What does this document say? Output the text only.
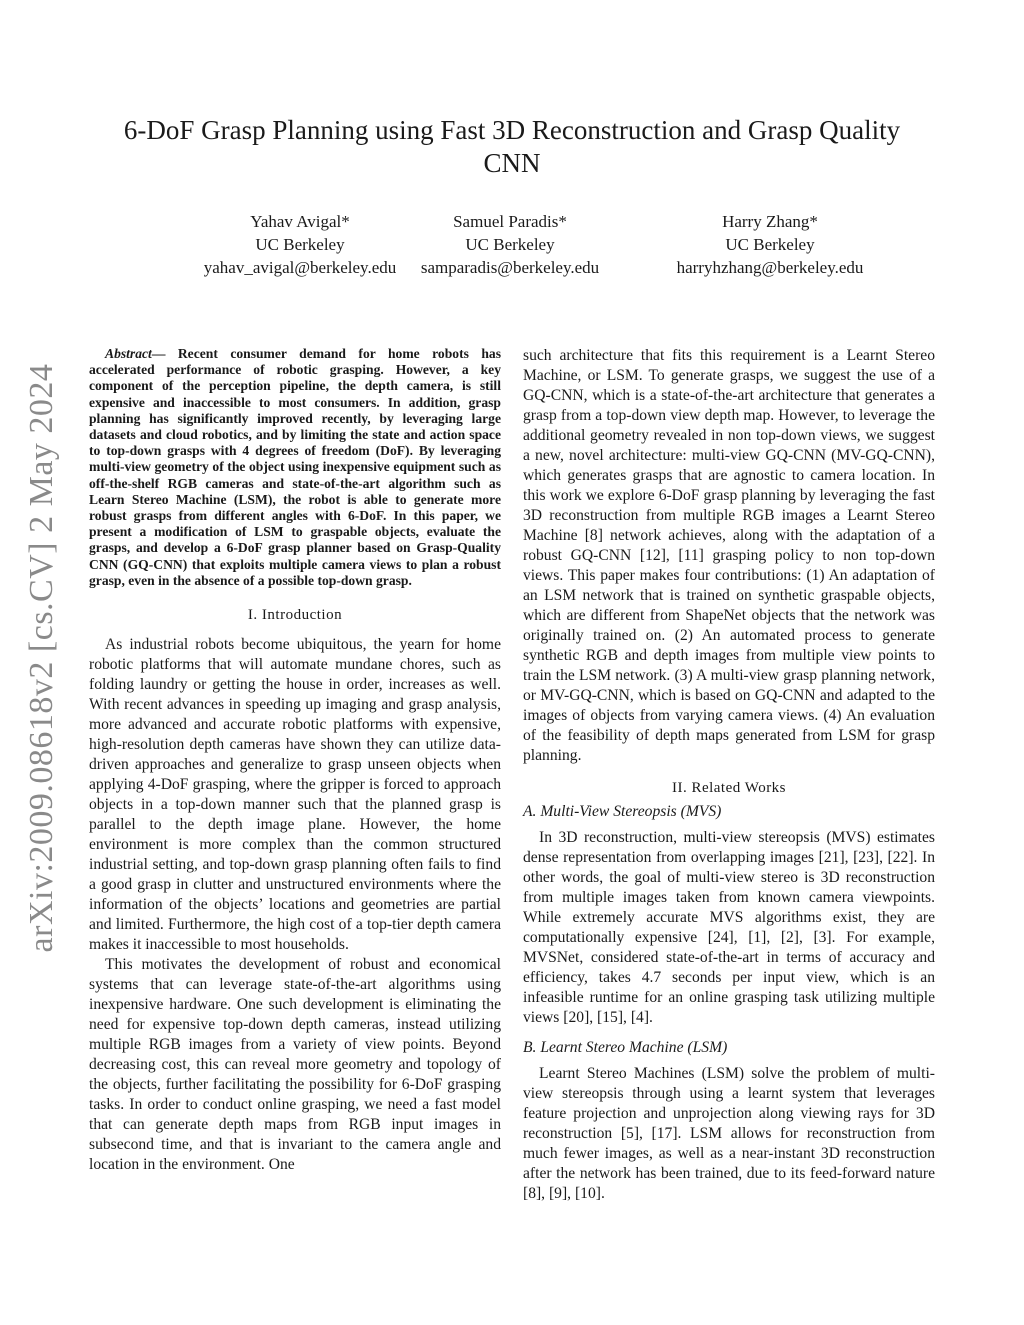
arXiv:2009.08618v2 [cs.CV] 2 May 2024
6-DoF Grasp Planning using Fast 3D Reconstruction and Grasp Quality CNN
Yahav Avigal*
UC Berkeley
yahav_avigal@berkeley.edu
Samuel Paradis*
UC Berkeley
samparadis@berkeley.edu
Harry Zhang*
UC Berkeley
harryhzhang@berkeley.edu

Abstract— Recent consumer demand for home robots has accelerated performance of robotic grasping. However, a key component of the perception pipeline, the depth camera, is still expensive and inaccessible to most consumers. In addition, grasp planning has significantly improved recently, by leveraging large datasets and cloud robotics, and by limiting the state and action space to top-down grasps with 4 degrees of freedom (DoF). By leveraging multi-view geometry of the object using inexpensive equipment such as off-the-shelf RGB cameras and state-of-the-art algorithm such as Learn Stereo Machine (LSM), the robot is able to generate more robust grasps from different angles with 6-DoF. In this paper, we present a modification of LSM to graspable objects, evaluate the grasps, and develop a 6-DoF grasp planner based on Grasp-Quality CNN (GQ-CNN) that exploits multiple camera views to plan a robust grasp, even in the absence of a possible top-down grasp.

I. Introduction

As industrial robots become ubiquitous, the yearn for home robotic platforms that will automate mundane chores, such as folding laundry or getting the house in order, increases as well. With recent advances in speeding up imaging and grasp analysis, more advanced and accurate robotic platforms with expensive, high-resolution depth cameras have shown they can utilize data-driven approaches and generalize to grasp unseen objects when applying 4-DoF grasping, where the gripper is forced to approach objects in a top-down manner such that the planned grasp is parallel to the depth image plane. However, the home environment is more complex than the common structured industrial setting, and top-down grasp planning often fails to find a good grasp in clutter and unstructured environments where the information of the objects’ locations and geometries are partial and limited. Furthermore, the high cost of a top-tier depth camera makes it inaccessible to most households.

This motivates the development of robust and economical systems that can leverage state-of-the-art algorithms using inexpensive hardware. One such development is eliminating the need for expensive top-down depth cameras, instead utilizing multiple RGB images from a variety of view points. Beyond decreasing cost, this can reveal more geometry and topology of the objects, further facilitating the possibility for 6-DoF grasping tasks. In order to conduct online grasping, we need a fast model that can generate depth maps from RGB input images in subsecond time, and that is invariant to the camera angle and location in the environment. One

such architecture that fits this requirement is a Learnt Stereo Machine, or LSM. To generate grasps, we suggest the use of a GQ-CNN, which is a state-of-the-art architecture that generates a grasp from a top-down view depth map. However, to leverage the additional geometry revealed in non top-down views, we suggest a new, novel architecture: multi-view GQ-CNN (MV-GQ-CNN), which generates grasps that are agnostic to camera location. In this work we explore 6-DoF grasp planning by leveraging the fast 3D reconstruction from multiple RGB images a Learnt Stereo Machine [8] network achieves, along with the adaptation of a robust GQ-CNN [12], [11] grasping policy to non top-down views. This paper makes four contributions: (1) An adaptation of an LSM network that is trained on synthetic graspable objects, which are different from ShapeNet objects that the network was originally trained on. (2) An automated process to generate synthetic RGB and depth images from multiple view points to train the LSM network. (3) A multi-view grasp planning network, or MV-GQ-CNN, which is based on GQ-CNN and adapted to the images of objects from varying camera views. (4) An evaluation of the feasibility of depth maps generated from LSM for grasp planning.

II. Related Works
A. Multi-View Stereopsis (MVS)

In 3D reconstruction, multi-view stereopsis (MVS) estimates dense representation from overlapping images [21], [23], [22]. In other words, the goal of multi-view stereo is 3D reconstruction from multiple images taken from known camera viewpoints. While extremely accurate MVS algorithms exist, they are computationally expensive [24], [1], [2], [3]. For example, MVSNet, considered state-of-the-art in terms of accuracy and efficiency, takes 4.7 seconds per input view, which is an infeasible runtime for an online grasping task utilizing multiple views [20], [15], [4].

B. Learnt Stereo Machine (LSM)

Learnt Stereo Machines (LSM) solve the problem of multi-view stereopsis through using a learnt system that leverages feature projection and unprojection along viewing rays for 3D reconstruction [5], [17]. LSM allows for reconstruction from much fewer images, as well as a near-instant 3D reconstruction after the network has been trained, due to its feed-forward nature [8], [9], [10].
